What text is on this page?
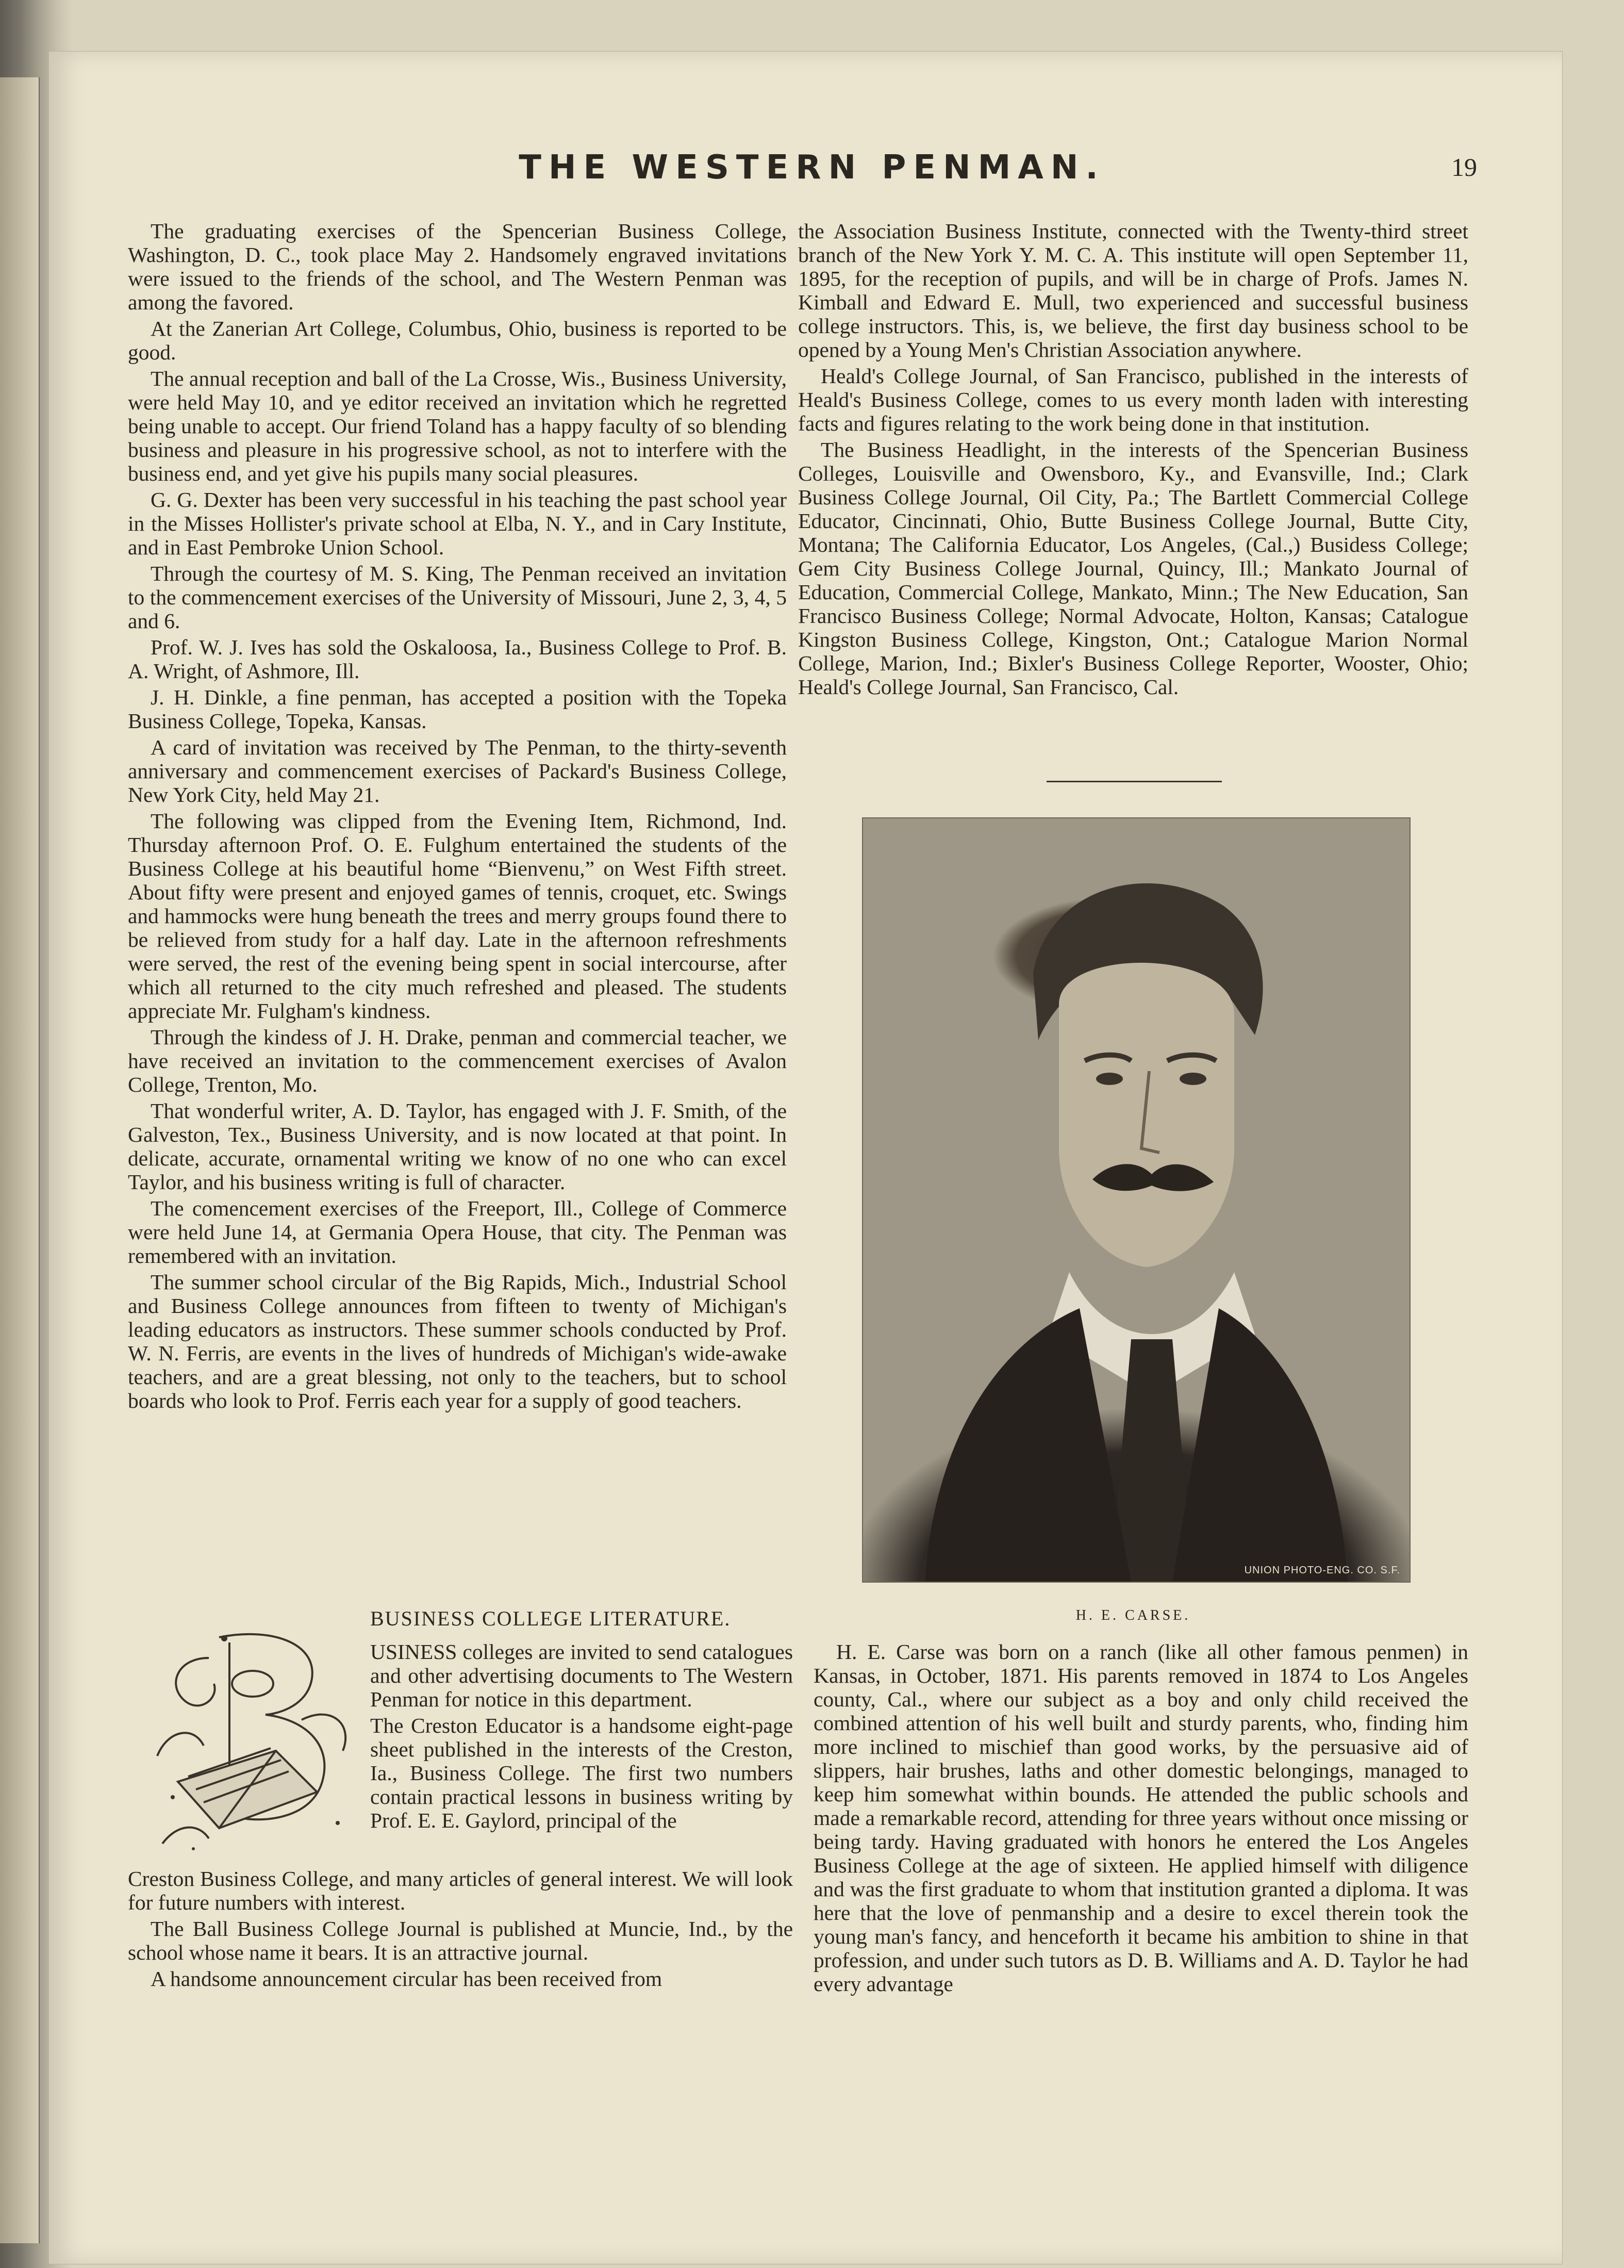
THE WESTERN PENMAN.	19

The graduating exercises of the Spencerian Business College, Washington, D. C., took place May 2. Handsomely engraved invitations were issued to the friends of the school, and The Western Penman was among the favored.

At the Zanerian Art College, Columbus, Ohio, business is reported to be good.

The annual reception and ball of the La Crosse, Wis., Business University, were held May 10, and ye editor received an invitation which he regretted being unable to accept. Our friend Toland has a happy faculty of so blending business and pleasure in his progressive school, as not to interfere with the business end, and yet give his pupils many social pleasures.

G. G. Dexter has been very successful in his teaching the past school year in the Misses Hollister's private school at Elba, N. Y., and in Cary Institute, and in East Pembroke Union School.

Through the courtesy of M. S. King, The Penman received an invitation to the commencement exercises of the University of Missouri, June 2, 3, 4, 5 and 6.

Prof. W. J. Ives has sold the Oskaloosa, Ia., Business College to Prof. B. A. Wright, of Ashmore, Ill.

J. H. Dinkle, a fine penman, has accepted a position with the Topeka Business College, Topeka, Kansas.

A card of invitation was received by The Penman, to the thirty-seventh anniversary and commencement exercises of Packard's Business College, New York City, held May 21.

The following was clipped from the Evening Item, Richmond, Ind. Thursday afternoon Prof. O. E. Fulghum entertained the students of the Business College at his beautiful home “Bienvenu,” on West Fifth street. About fifty were present and enjoyed games of tennis, croquet, etc. Swings and hammocks were hung beneath the trees and merry groups found there to be relieved from study for a half day. Late in the afternoon refreshments were served, the rest of the evening being spent in social intercourse, after which all returned to the city much refreshed and pleased. The students appreciate Mr. Fulgham's kindness.

Through the kindess of J. H. Drake, penman and commercial teacher, we have received an invitation to the commencement exercises of Avalon College, Trenton, Mo.

That wonderful writer, A. D. Taylor, has engaged with J. F. Smith, of the Galveston, Tex., Business University, and is now located at that point. In delicate, accurate, ornamental writing we know of no one who can excel Taylor, and his business writing is full of character.

The comencement exercises of the Freeport, Ill., College of Commerce were held June 14, at Germania Opera House, that city. The Penman was remembered with an invitation.

The summer school circular of the Big Rapids, Mich., Industrial School and Business College announces from fifteen to twenty of Michigan's leading educators as instructors. These summer schools conducted by Prof. W. N. Ferris, are events in the lives of hundreds of Michigan's wide-awake teachers, and are a great blessing, not only to the teachers, but to school boards who look to Prof. Ferris each year for a supply of good teachers.

BUSINESS COLLEGE LITERATURE.

USINESS colleges are invited to send catalogues and other advertising documents to The Western Penman for notice in this department.

The Creston Educator is a handsome eight-page sheet published in the interests of the Creston, Ia., Business College. The first two numbers contain practical lessons in business writing by Prof. E. E. Gaylord, principal of the

Creston Business College, and many articles of general interest. We will look for future numbers with interest.

The Ball Business College Journal is published at Muncie, Ind., by the school whose name it bears. It is an attractive journal.

A handsome announcement circular has been received from

the Association Business Institute, connected with the Twenty-third street branch of the New York Y. M. C. A. This institute will open September 11, 1895, for the reception of pupils, and will be in charge of Profs. James N. Kimball and Edward E. Mull, two experienced and successful business college instructors. This, is, we believe, the first day business school to be opened by a Young Men's Christian Association anywhere.

Heald's College Journal, of San Francisco, published in the interests of Heald's Business College, comes to us every month laden with interesting facts and figures relating to the work being done in that institution.

The Business Headlight, in the interests of the Spencerian Business Colleges, Louisville and Owensboro, Ky., and Evansville, Ind.; Clark Business College Journal, Oil City, Pa.; The Bartlett Commercial College Educator, Cincinnati, Ohio, Butte Business College Journal, Butte City, Montana; The California Educator, Los Angeles, (Cal.,) Busidess College; Gem City Business College Journal, Quincy, Ill.; Mankato Journal of Education, Commercial College, Mankato, Minn.; The New Education, San Francisco Business College; Normal Advocate, Holton, Kansas; Catalogue Kingston Business College, Kingston, Ont.; Catalogue Marion Normal College, Marion, Ind.; Bixler's Business College Reporter, Wooster, Ohio; Heald's College Journal, San Francisco, Cal.

UNION PHOTO-ENG. CO. S.F.
H. E. CARSE.

H. E. Carse was born on a ranch (like all other famous penmen) in Kansas, in October, 1871. His parents removed in 1874 to Los Angeles county, Cal., where our subject as a boy and only child received the combined attention of his well built and sturdy parents, who, finding him more inclined to mischief than good works, by the persuasive aid of slippers, hair brushes, laths and other domestic belongings, managed to keep him somewhat within bounds. He attended the public schools and made a remarkable record, attending for three years without once missing or being tardy. Having graduated with honors he entered the Los Angeles Business College at the age of sixteen. He applied himself with diligence and was the first graduate to whom that institution granted a diploma. It was here that the love of penmanship and a desire to excel therein took the young man's fancy, and henceforth it became his ambition to shine in that profession, and under such tutors as D. B. Williams and A. D. Taylor he had every advantage
